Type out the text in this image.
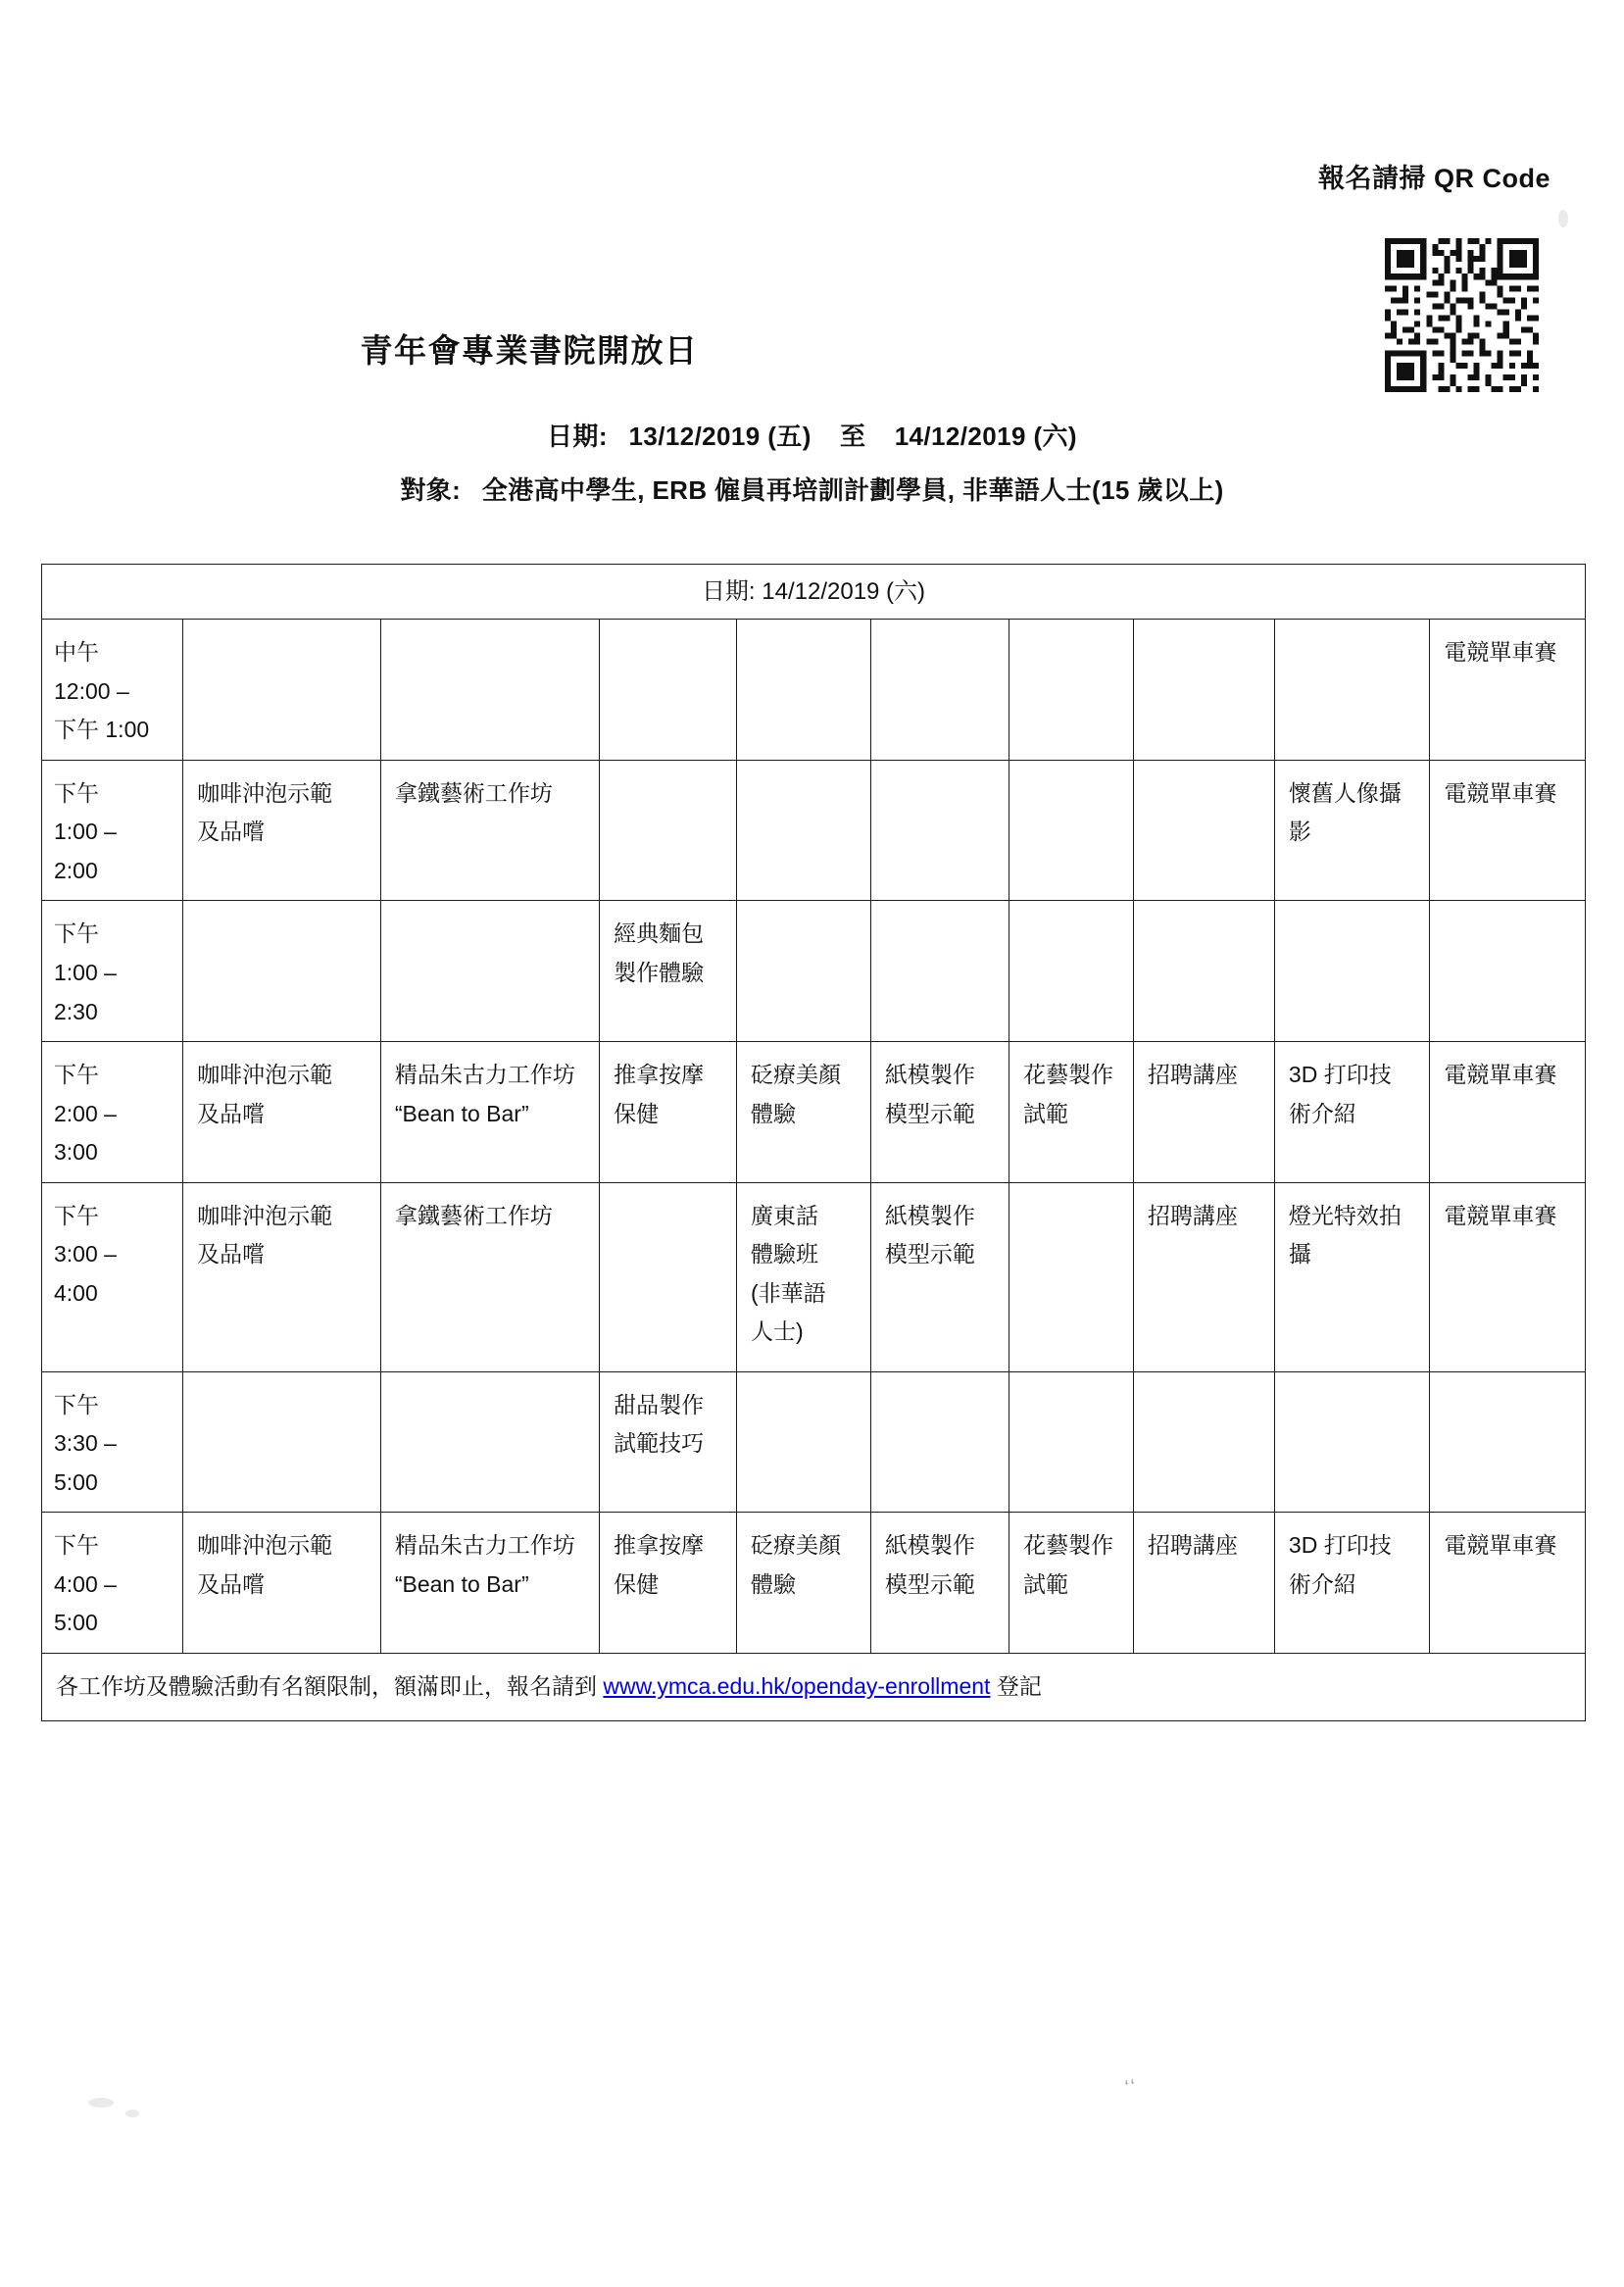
報名請掃 QR Code
青年會專業書院開放日
日期: 13/12/2019 (五) 至 14/12/2019 (六)
對象: 全港高中學生, ERB 僱員再培訓計劃學員, 非華語人士(15 歲以上)
日期: 14/12/2019 (六)									

中午
12:00 –
下午 1:00									電競單車賽

下午
1:00 –
2:00	咖啡沖泡示範
及品嚐	拿鐵藝術工作坊						懷舊人像攝
影	電競單車賽

下午
1:00 –
2:30			經典麵包
製作體驗						

下午
2:00 –
3:00	咖啡沖泡示範
及品嚐	精品朱古力工作坊
“Bean to Bar”	推拿按摩
保健	砭療美顏
體驗	紙模製作
模型示範	花藝製作
試範	招聘講座	3D 打印技
術介紹	電競單車賽

下午
3:00 –
4:00	咖啡沖泡示範
及品嚐	拿鐵藝術工作坊		廣東話
體驗班
(非華語
人士)	紙模製作
模型示範		招聘講座	燈光特效拍
攝	電競單車賽

下午
3:30 –
5:00			甜品製作
試範技巧						

下午
4:00 –
5:00	咖啡沖泡示範
及品嚐	精品朱古力工作坊
“Bean to Bar”	推拿按摩
保健	砭療美顏
體驗	紙模製作
模型示範	花藝製作
試範	招聘講座	3D 打印技
術介紹	電競單車賽

各工作坊及體驗活動有名額限制，額滿即止，報名請到 www.ymca.edu.hk/openday-enrollment 登記									
‘‘
